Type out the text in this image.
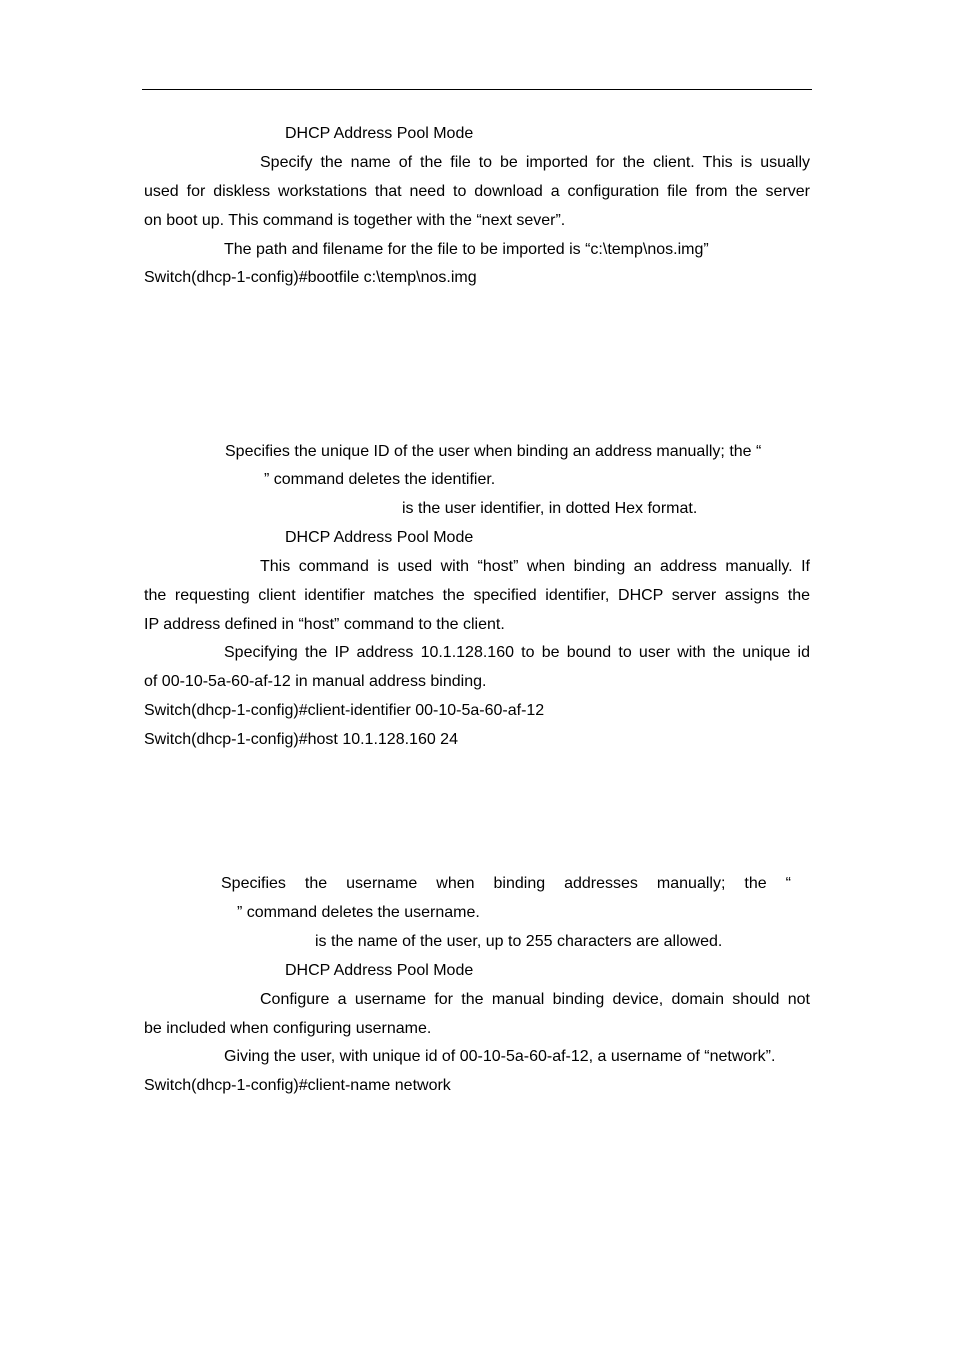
DHCP Address Pool Mode
Specify the name of the file to be imported for the client. This is usually
used for diskless workstations that need to download a configuration file from the server
on boot up. This command is together with the “next sever”.
The path and filename for the file to be imported is “c:\temp\nos.img”
Switch(dhcp-1-config)#bootfile c:\temp\nos.img
Specifies the unique ID of the user when binding an address manually; the “
” command deletes the identifier.
is the user identifier, in dotted Hex format.
DHCP Address Pool Mode
This command is used with “host” when binding an address manually. If
the requesting client identifier matches the specified identifier, DHCP server assigns the
IP address defined in “host” command to the client.
Specifying the IP address 10.1.128.160 to be bound to user with the unique id
of 00-10-5a-60-af-12 in manual address binding.
Switch(dhcp-1-config)#client-identifier 00-10-5a-60-af-12
Switch(dhcp-1-config)#host 10.1.128.160 24
Specifies the username when binding addresses manually; the “
” command deletes the username.
is the name of the user, up to 255 characters are allowed.
DHCP Address Pool Mode
Configure a username for the manual binding device, domain should not
be included when configuring username.
Giving the user, with unique id of 00-10-5a-60-af-12, a username of “network”.
Switch(dhcp-1-config)#client-name network
